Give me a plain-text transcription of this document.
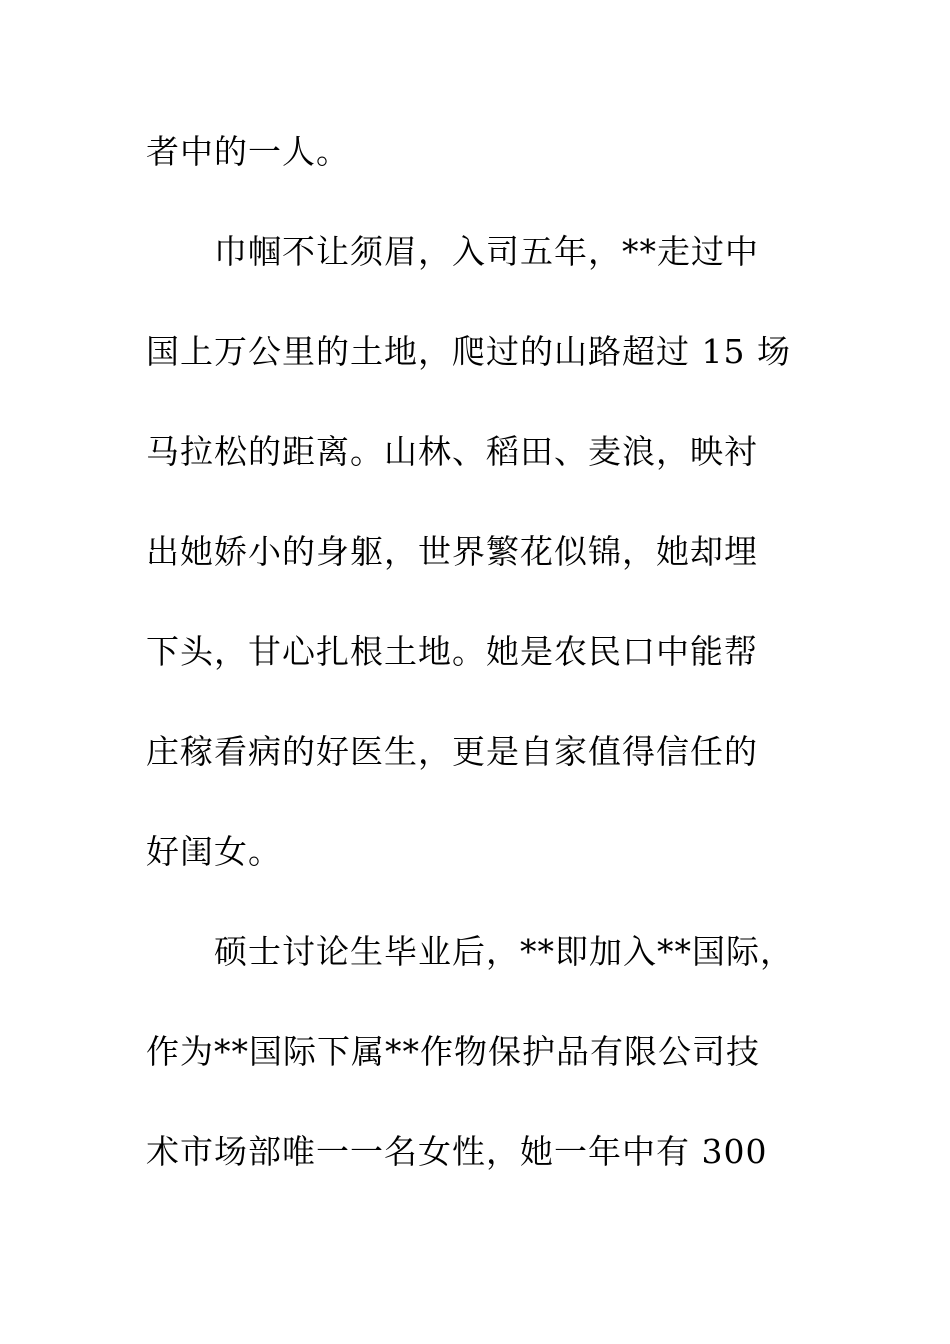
者中的一人。
巾帼不让须眉，入司五年，**走过中
国上万公里的土地，爬过的山路超过 15 场
马拉松的距离。山林、稻田、麦浪，映衬
出她娇小的身躯，世界繁花似锦，她却埋
下头，甘心扎根土地。她是农民口中能帮
庄稼看病的好医生，更是自家值得信任的
好闺女。
硕士讨论生毕业后，**即加入**国际，
作为**国际下属**作物保护品有限公司技
术市场部唯一一名女性，她一年中有 300
